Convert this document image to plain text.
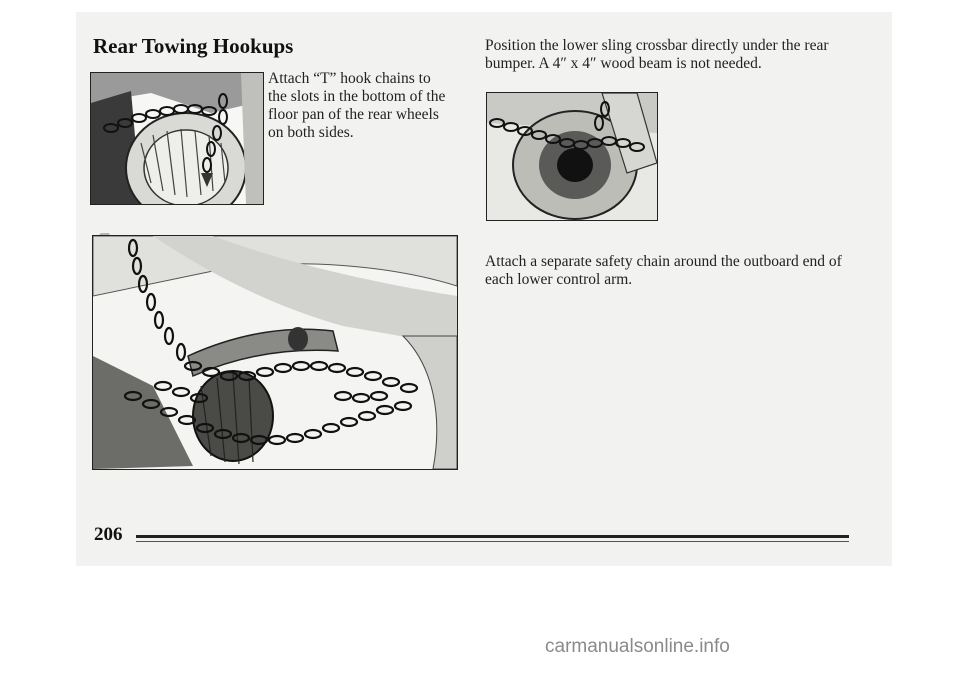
Rear Towing Hookups

Attach “T” hook chains to the slots in the bottom of the floor pan of the rear wheels on both sides.

Position the lower sling crossbar directly under the rear bumper. A 4″ x 4″ wood beam is not needed.

Attach a separate safety chain around the outboard end of each lower control arm.

206

carmanualsonline.info
